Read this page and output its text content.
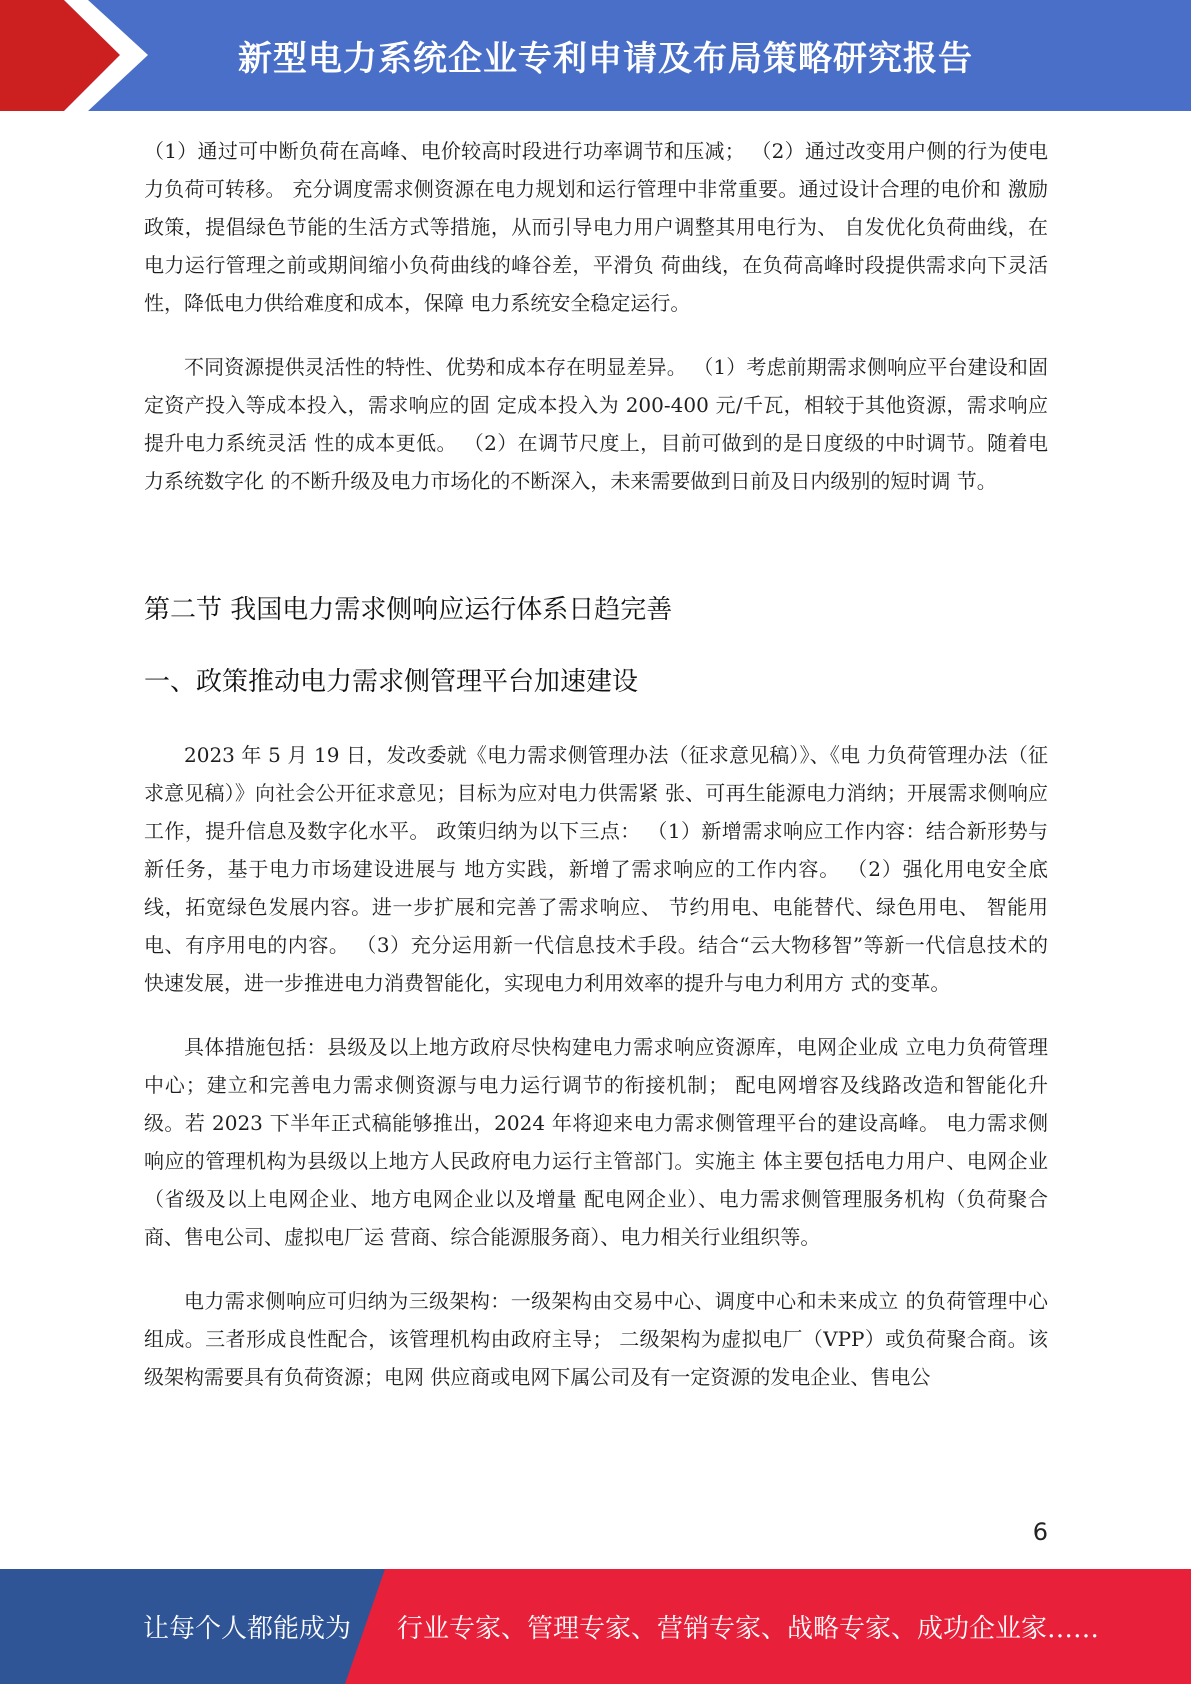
新型电力系统企业专利申请及布局策略研究报告

（1）通过可中断负荷在高峰、电价较高时段进行功率调节和压减； （2）通过改变用户侧的行为使电力负荷可转移。 充分调度需求侧资源在电力规划和运行管理中非常重要。通过设计合理的电价和 激励政策，提倡绿色节能的生活方式等措施，从而引导电力用户调整其用电行为、 自发优化负荷曲线，在电力运行管理之前或期间缩小负荷曲线的峰谷差，平滑负 荷曲线，在负荷高峰时段提供需求向下灵活性，降低电力供给难度和成本，保障 电力系统安全稳定运行。

不同资源提供灵活性的特性、优势和成本存在明显差异。 （1）考虑前期需求侧响应平台建设和固定资产投入等成本投入，需求响应的固 定成本投入为 200-400 元/千瓦，相较于其他资源，需求响应提升电力系统灵活 性的成本更低。 （2）在调节尺度上，目前可做到的是日度级的中时调节。随着电力系统数字化 的不断升级及电力市场化的不断深入，未来需要做到日前及日内级别的短时调 节。

第二节 我国电力需求侧响应运行体系日趋完善
一、政策推动电力需求侧管理平台加速建设

2023 年 5 月 19 日，发改委就《电力需求侧管理办法（征求意见稿）》、《电 力负荷管理办法（征求意见稿）》向社会公开征求意见；目标为应对电力供需紧 张、可再生能源电力消纳；开展需求侧响应工作，提升信息及数字化水平。 政策归纳为以下三点： （1）新增需求响应工作内容：结合新形势与新任务，基于电力市场建设进展与 地方实践，新增了需求响应的工作内容。 （2）强化用电安全底线，拓宽绿色发展内容。进一步扩展和完善了需求响应、 节约用电、电能替代、绿色用电、 智能用电、有序用电的内容。 （3）充分运用新一代信息技术手段。结合“云大物移智”等新一代信息技术的 快速发展，进一步推进电力消费智能化，实现电力利用效率的提升与电力利用方 式的变革。

具体措施包括：县级及以上地方政府尽快构建电力需求响应资源库，电网企业成 立电力负荷管理中心；建立和完善电力需求侧资源与电力运行调节的衔接机制； 配电网增容及线路改造和智能化升级。若 2023 下半年正式稿能够推出，2024 年将迎来电力需求侧管理平台的建设高峰。 电力需求侧响应的管理机构为县级以上地方人民政府电力运行主管部门。实施主 体主要包括电力用户、电网企业（省级及以上电网企业、地方电网企业以及增量 配电网企业）、电力需求侧管理服务机构（负荷聚合商、售电公司、虚拟电厂运 营商、综合能源服务商）、电力相关行业组织等。

电力需求侧响应可归纳为三级架构：一级架构由交易中心、调度中心和未来成立 的负荷管理中心组成。三者形成良性配合，该管理机构由政府主导； 二级架构为虚拟电厂（VPP）或负荷聚合商。该级架构需要具有负荷资源；电网 供应商或电网下属公司及有一定资源的发电企业、售电公

6
让每个人都能成为 行业专家、管理专家、营销专家、战略专家、成功企业家……
